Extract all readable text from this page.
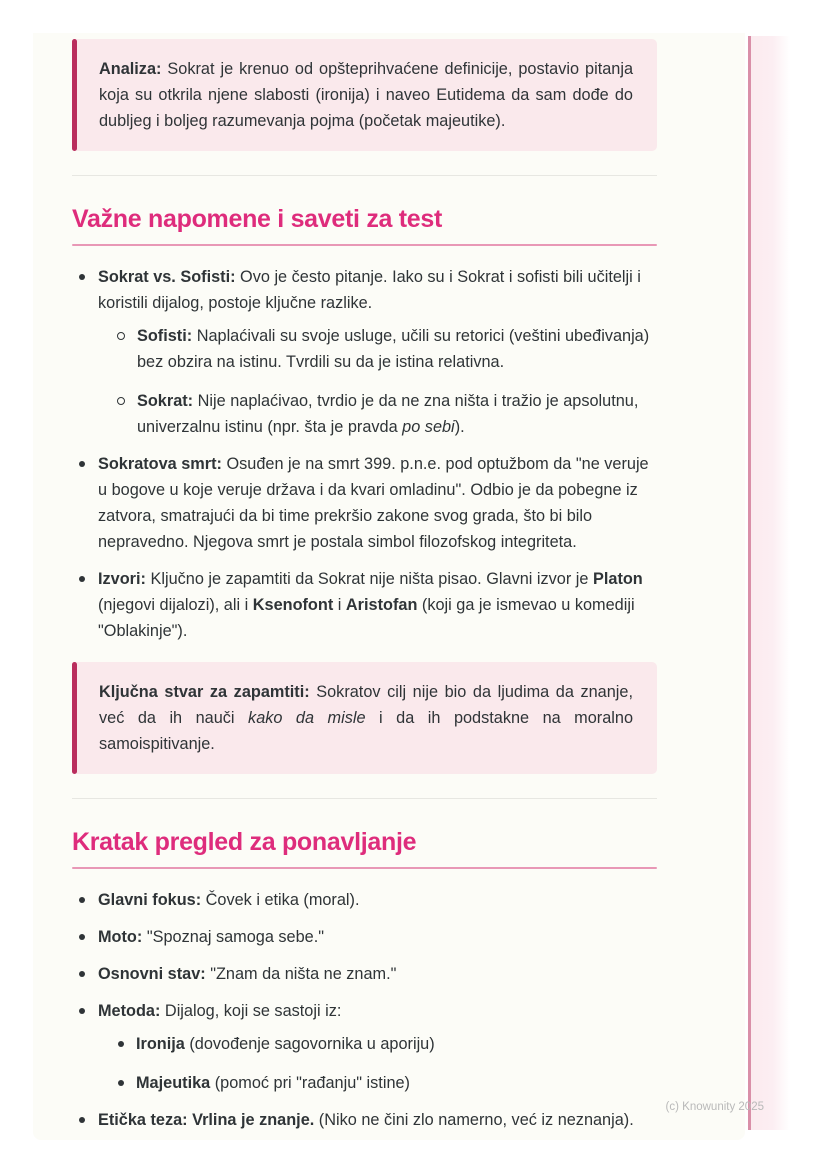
Analiza: Sokrat je krenuo od opšteprihvaćene definicije, postavio pitanja koja su otkrila njene slabosti (ironija) i naveo Eutidema da sam dođe do dubljeg i boljeg razumevanja pojma (početak majeutike).

Važne napomene i saveti za test

Sokrat vs. Sofisti: Ovo je često pitanje. Iako su i Sokrat i sofisti bili učitelji i koristili dijalog, postoje ključne razlike.

Sofisti: Naplaćivali su svoje usluge, učili su retorici (veštini ubeđivanja) bez obzira na istinu. Tvrdili su da je istina relativna.

Sokrat: Nije naplaćivao, tvrdio je da ne zna ništa i tražio je apsolutnu, univerzalnu istinu (npr. šta je pravda po sebi).

Sokratova smrt: Osuđen je na smrt 399. p.n.e. pod optužbom da "ne veruje u bogove u koje veruje država i da kvari omladinu". Odbio je da pobegne iz zatvora, smatrajući da bi time prekršio zakone svog grada, što bi bilo nepravedno. Njegova smrt je postala simbol filozofskog integriteta.

Izvori: Ključno je zapamtiti da Sokrat nije ništa pisao. Glavni izvor je Platon (njegovi dijalozi), ali i Ksenofont i Aristofan (koji ga je ismevao u komediji "Oblakinje").

Ključna stvar za zapamtiti: Sokratov cilj nije bio da ljudima da znanje, već da ih nauči kako da misle i da ih podstakne na moralno samoispitivanje.

Kratak pregled za ponavljanje

Glavni fokus: Čovek i etika (moral).

Moto: "Spoznaj samoga sebe."

Osnovni stav: "Znam da ništa ne znam."

Metoda: Dijalog, koji se sastoji iz:

Ironija (dovođenje sagovornika u aporiju)

Majeutika (pomoć pri "rađanju" istine)

Etička teza: Vrlina je znanje. (Niko ne čini zlo namerno, već iz neznanja).

(c) Knowunity 2025
